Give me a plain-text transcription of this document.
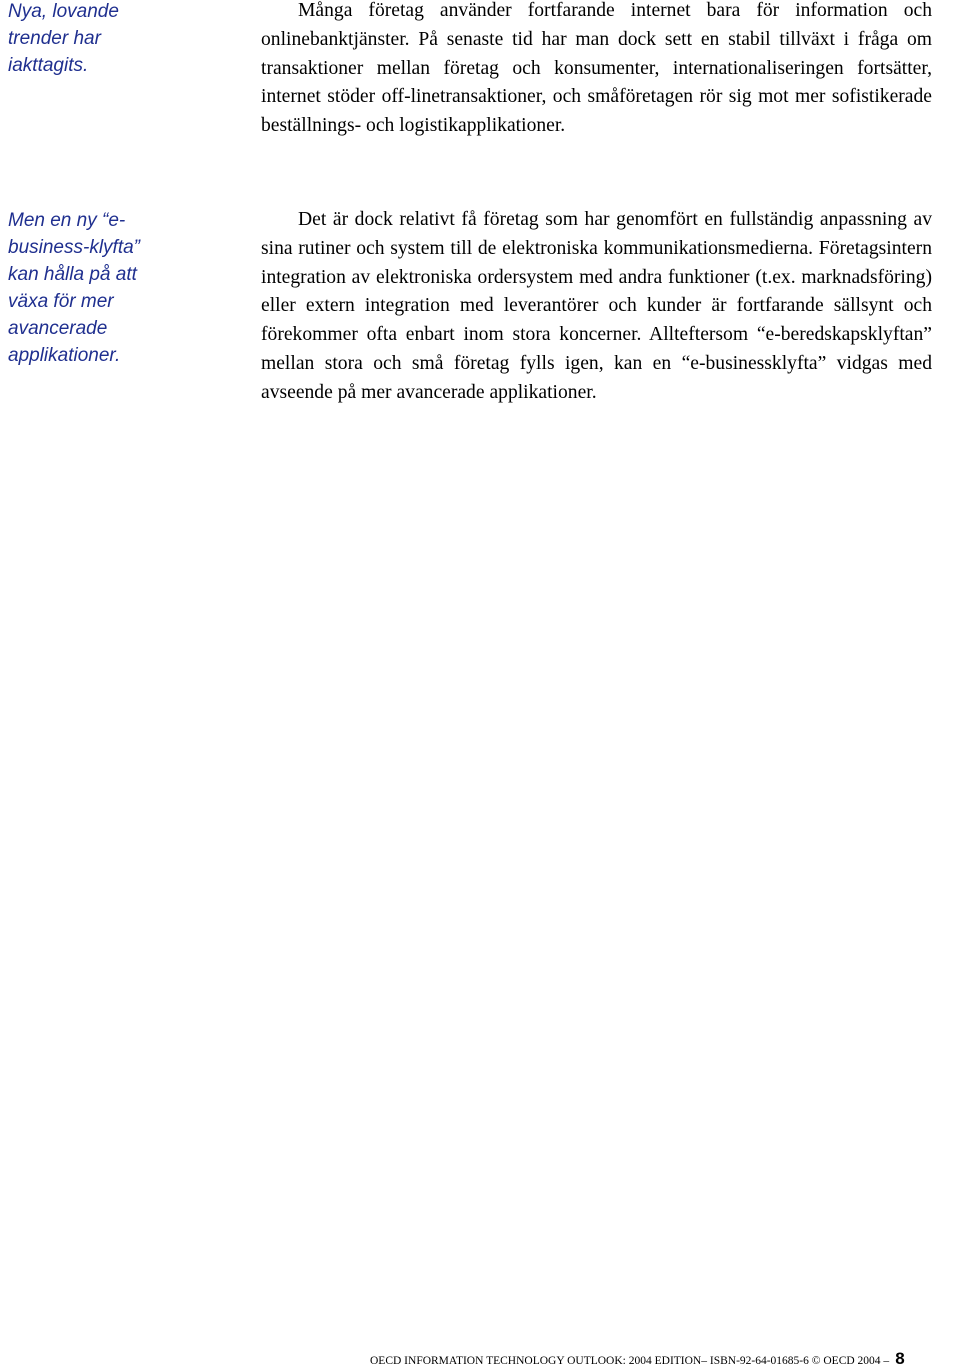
Nya, lovande trender har iakttagits.

Många företag använder fortfarande internet bara för information och onlinebanktjänster. På senaste tid har man dock sett en stabil tillväxt i fråga om transaktioner mellan företag och konsumenter, internationaliseringen fortsätter, internet stöder off-linetransaktioner, och småföretagen rör sig mot mer sofistikerade beställnings- och logistikapplikationer.

Men en ny “e-business-klyfta” kan hålla på att växa för mer avancerade applikationer.

Det är dock relativt få företag som har genomfört en fullständig anpassning av sina rutiner och system till de elektroniska kommunikationsmedierna. Företagsintern integration av elektroniska ordersystem med andra funktioner (t.ex. marknadsföring) eller extern integration med leverantörer och kunder är fortfarande sällsynt och förekommer ofta enbart inom stora koncerner. Allteftersom “e-beredskapsklyftan” mellan stora och små företag fylls igen, kan en “e-businessklyfta” vidgas med avseende på mer avancerade applikationer.

OECD INFORMATION TECHNOLOGY OUTLOOK: 2004 EDITION– ISBN-92-64-01685-6 © OECD 2004 – 8
